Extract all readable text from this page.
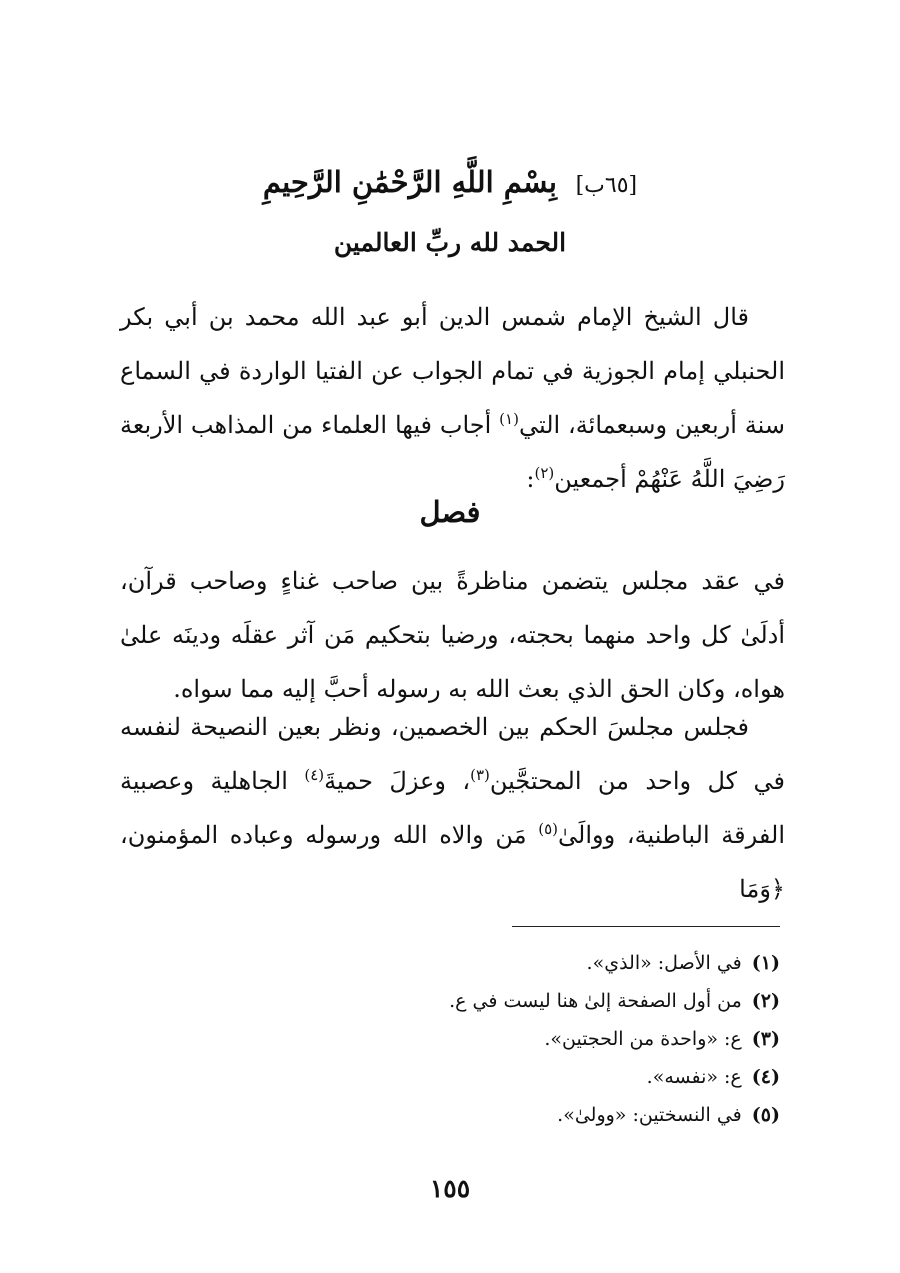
[٦٥ب] بِسْمِ اللَّهِ الرَّحْمَٰنِ الرَّحِيمِ
الحمد لله ربِّ العالمين

قال الشيخ الإمام شمس الدين أبو عبد الله محمد بن أبي بكر الحنبلي إمام الجوزية في تمام الجواب عن الفتيا الواردة في السماع سنة أربعين وسبعمائة، التي$^{(١)}$ أجاب فيها العلماء من المذاهب الأربعة رَضِيَ اللَّهُ عَنْهُمْ أجمعين$^{(٢)}$:

فصل

في عقد مجلس يتضمن مناظرةً بين صاحب غناءٍ وصاحب قرآن، أدلَىٰ كل واحد منهما بحجته، ورضيا بتحكيم مَن آثر عقلَه ودينَه علىٰ هواه، وكان الحق الذي بعث الله به رسوله أحبَّ إليه مما سواه.

فجلس مجلسَ الحكم بين الخصمين، ونظر بعين النصيحة لنفسه في كل واحد من المحتجَّين$^{(٣)}$، وعزلَ حميةَ$^{(٤)}$ الجاهلية وعصبية الفرقة الباطنية، ووالَىٰ$^{(٥)}$ مَن والاه الله ورسوله وعباده المؤمنون، ﴿وَمَا

(١)في الأصل: «الذي».
(٢)من أول الصفحة إلىٰ هنا ليست في ع.
(٣)ع: «واحدة من الحجتين».
(٤)ع: «نفسه».
(٥)في النسختين: «وولىٰ».
١٥٥
